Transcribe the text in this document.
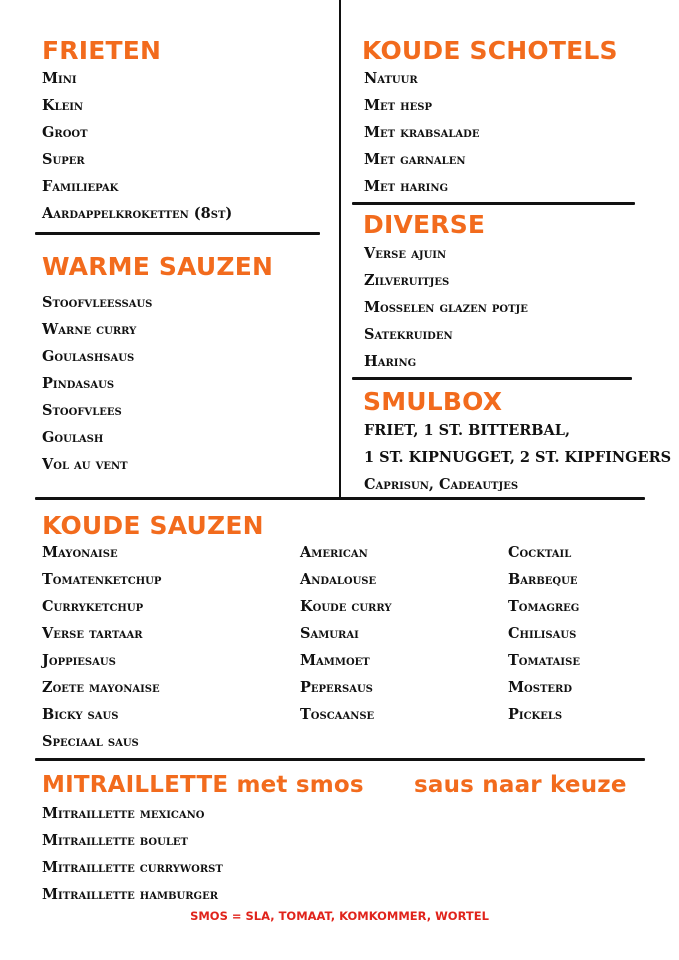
FRIETEN
Mini
Klein
Groot
Super
Familiepak
Aardappelkroketten (8st)
KOUDE SCHOTELS
Natuur
Met hesp
Met krabsalade
Met garnalen
Met haring
DIVERSE
Verse ajuin
Zilveruitjes
Mosselen glazen potje
Satekruiden
Haring
WARME SAUZEN
Stoofvleessaus
Warne curry
Goulashsaus
Pindasaus
Stoofvlees
Goulash
Vol au vent
SMULBOX
FRIET, 1 ST. BITTERBAL,
1 ST. KIPNUGGET, 2 ST. KIPFINGERS
Caprisun, Cadeautjes
KOUDE SAUZEN
Mayonaise
Tomatenketchup
Curryketchup
Verse tartaar
Joppiesaus
Zoete mayonaise
Bicky saus
Speciaal saus
American
Andalouse
Koude curry
Samurai
Mammoet
Pepersaus
Toscaanse
Cocktail
Barbeque
Tomagreg
Chilisaus
Tomataise
Mosterd
Pickels
MITRAILLETTE met smos saus naar keuze
Mitraillette mexicano
Mitraillette boulet
Mitraillette curryworst
Mitraillette hamburger
SMOS = SLA, TOMAAT, KOMKOMMER, WORTEL
